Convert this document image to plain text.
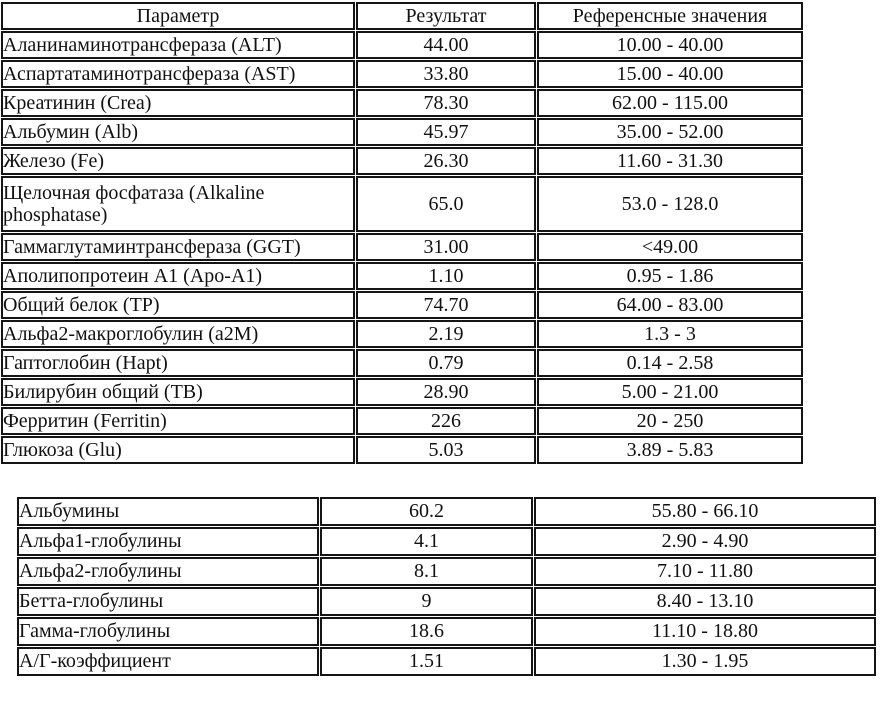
Параметр	Результат	Референсные значения
Аланинаминотрансфераза (ALT)	44.00	10.00 - 40.00
Аспартатаминотрансфераза (AST)	33.80	15.00 - 40.00
Креатинин (Crea)	78.30	62.00 - 115.00
Альбумин (Alb)	45.97	35.00 - 52.00
Железо (Fe)	26.30	11.60 - 31.30
Щелочная фосфатаза (Alkaline phosphatase)	65.0	53.0 - 128.0
Гаммаглутаминтрансфераза (GGT)	31.00	<49.00
Аполипопротеин A1 (Apo-A1)	1.10	0.95 - 1.86
Общий белок (TP)	74.70	64.00 - 83.00
Альфа2-макроглобулин (a2M)	2.19	1.3 - 3
Гаптоглобин (Hapt)	0.79	0.14 - 2.58
Билирубин общий (TB)	28.90	5.00 - 21.00
Ферритин (Ferritin)	226	20 - 250
Глюкоза (Glu)	5.03	3.89 - 5.83
Альбумины	60.2	55.80 - 66.10
Альфа1-глобулины	4.1	2.90 - 4.90
Альфа2-глобулины	8.1	7.10 - 11.80
Бетта-глобулины	9	8.40 - 13.10
Гамма-глобулины	18.6	11.10 - 18.80
А/Г-коэффициент	1.51	1.30 - 1.95
